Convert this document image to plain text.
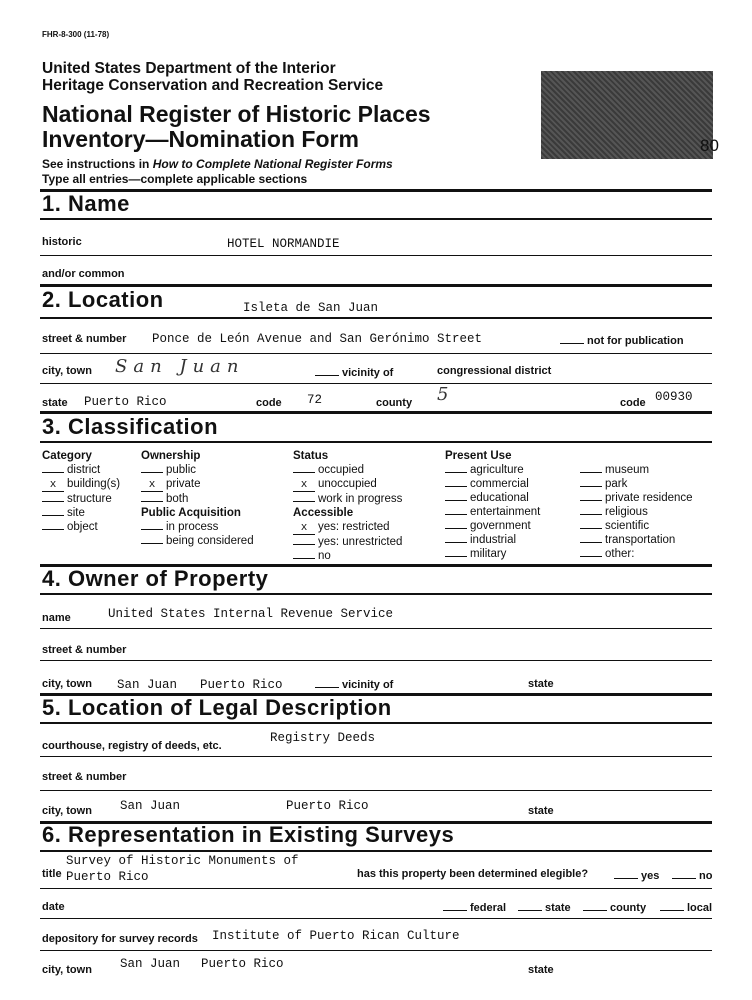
FHR-8-300 (11-78)
United States Department of the Interior
Heritage Conservation and Recreation Service
National Register of Historic Places
Inventory—Nomination Form
See instructions in How to Complete National Register Forms
Type all entries—complete applicable sections
80
1. Name
historic	HOTEL NORMANDIE
and/or common
2. Location	Isleta de San Juan
street & number Ponce de León Avenue and San Gerónimo Street	not for publication
city, town San Juan	vicinity of	congressional district
state Puerto Rico	code 72	county 5	code 00930
3. Classification
Category
district
x building(s)
structure
site
object
Ownership
public
x private
both
Public Acquisition
in process
being considered
Status
occupied
x unoccupied
work in progress
Accessible
x yes: restricted
yes: unrestricted
no
Present Use
agriculture
commercial
educational
entertainment
government
industrial
military
museum
park
private residence
religious
scientific
transportation
other:
4. Owner of Property
name	United States Internal Revenue Service
street & number
city, town San Juan Puerto Rico	vicinity of	state
5. Location of Legal Description
courthouse, registry of deeds, etc.
Registry Deeds
street & number
city, town San Juan	Puerto Rico	state
6. Representation in Existing Surveys
Survey of Historic Monuments of
title Puerto Rico	has this property been determined elegible?	yes	no
date	federal	state	county	local
depository for survey records Institute of Puerto Rican Culture
city, town San Juan Puerto Rico	state
